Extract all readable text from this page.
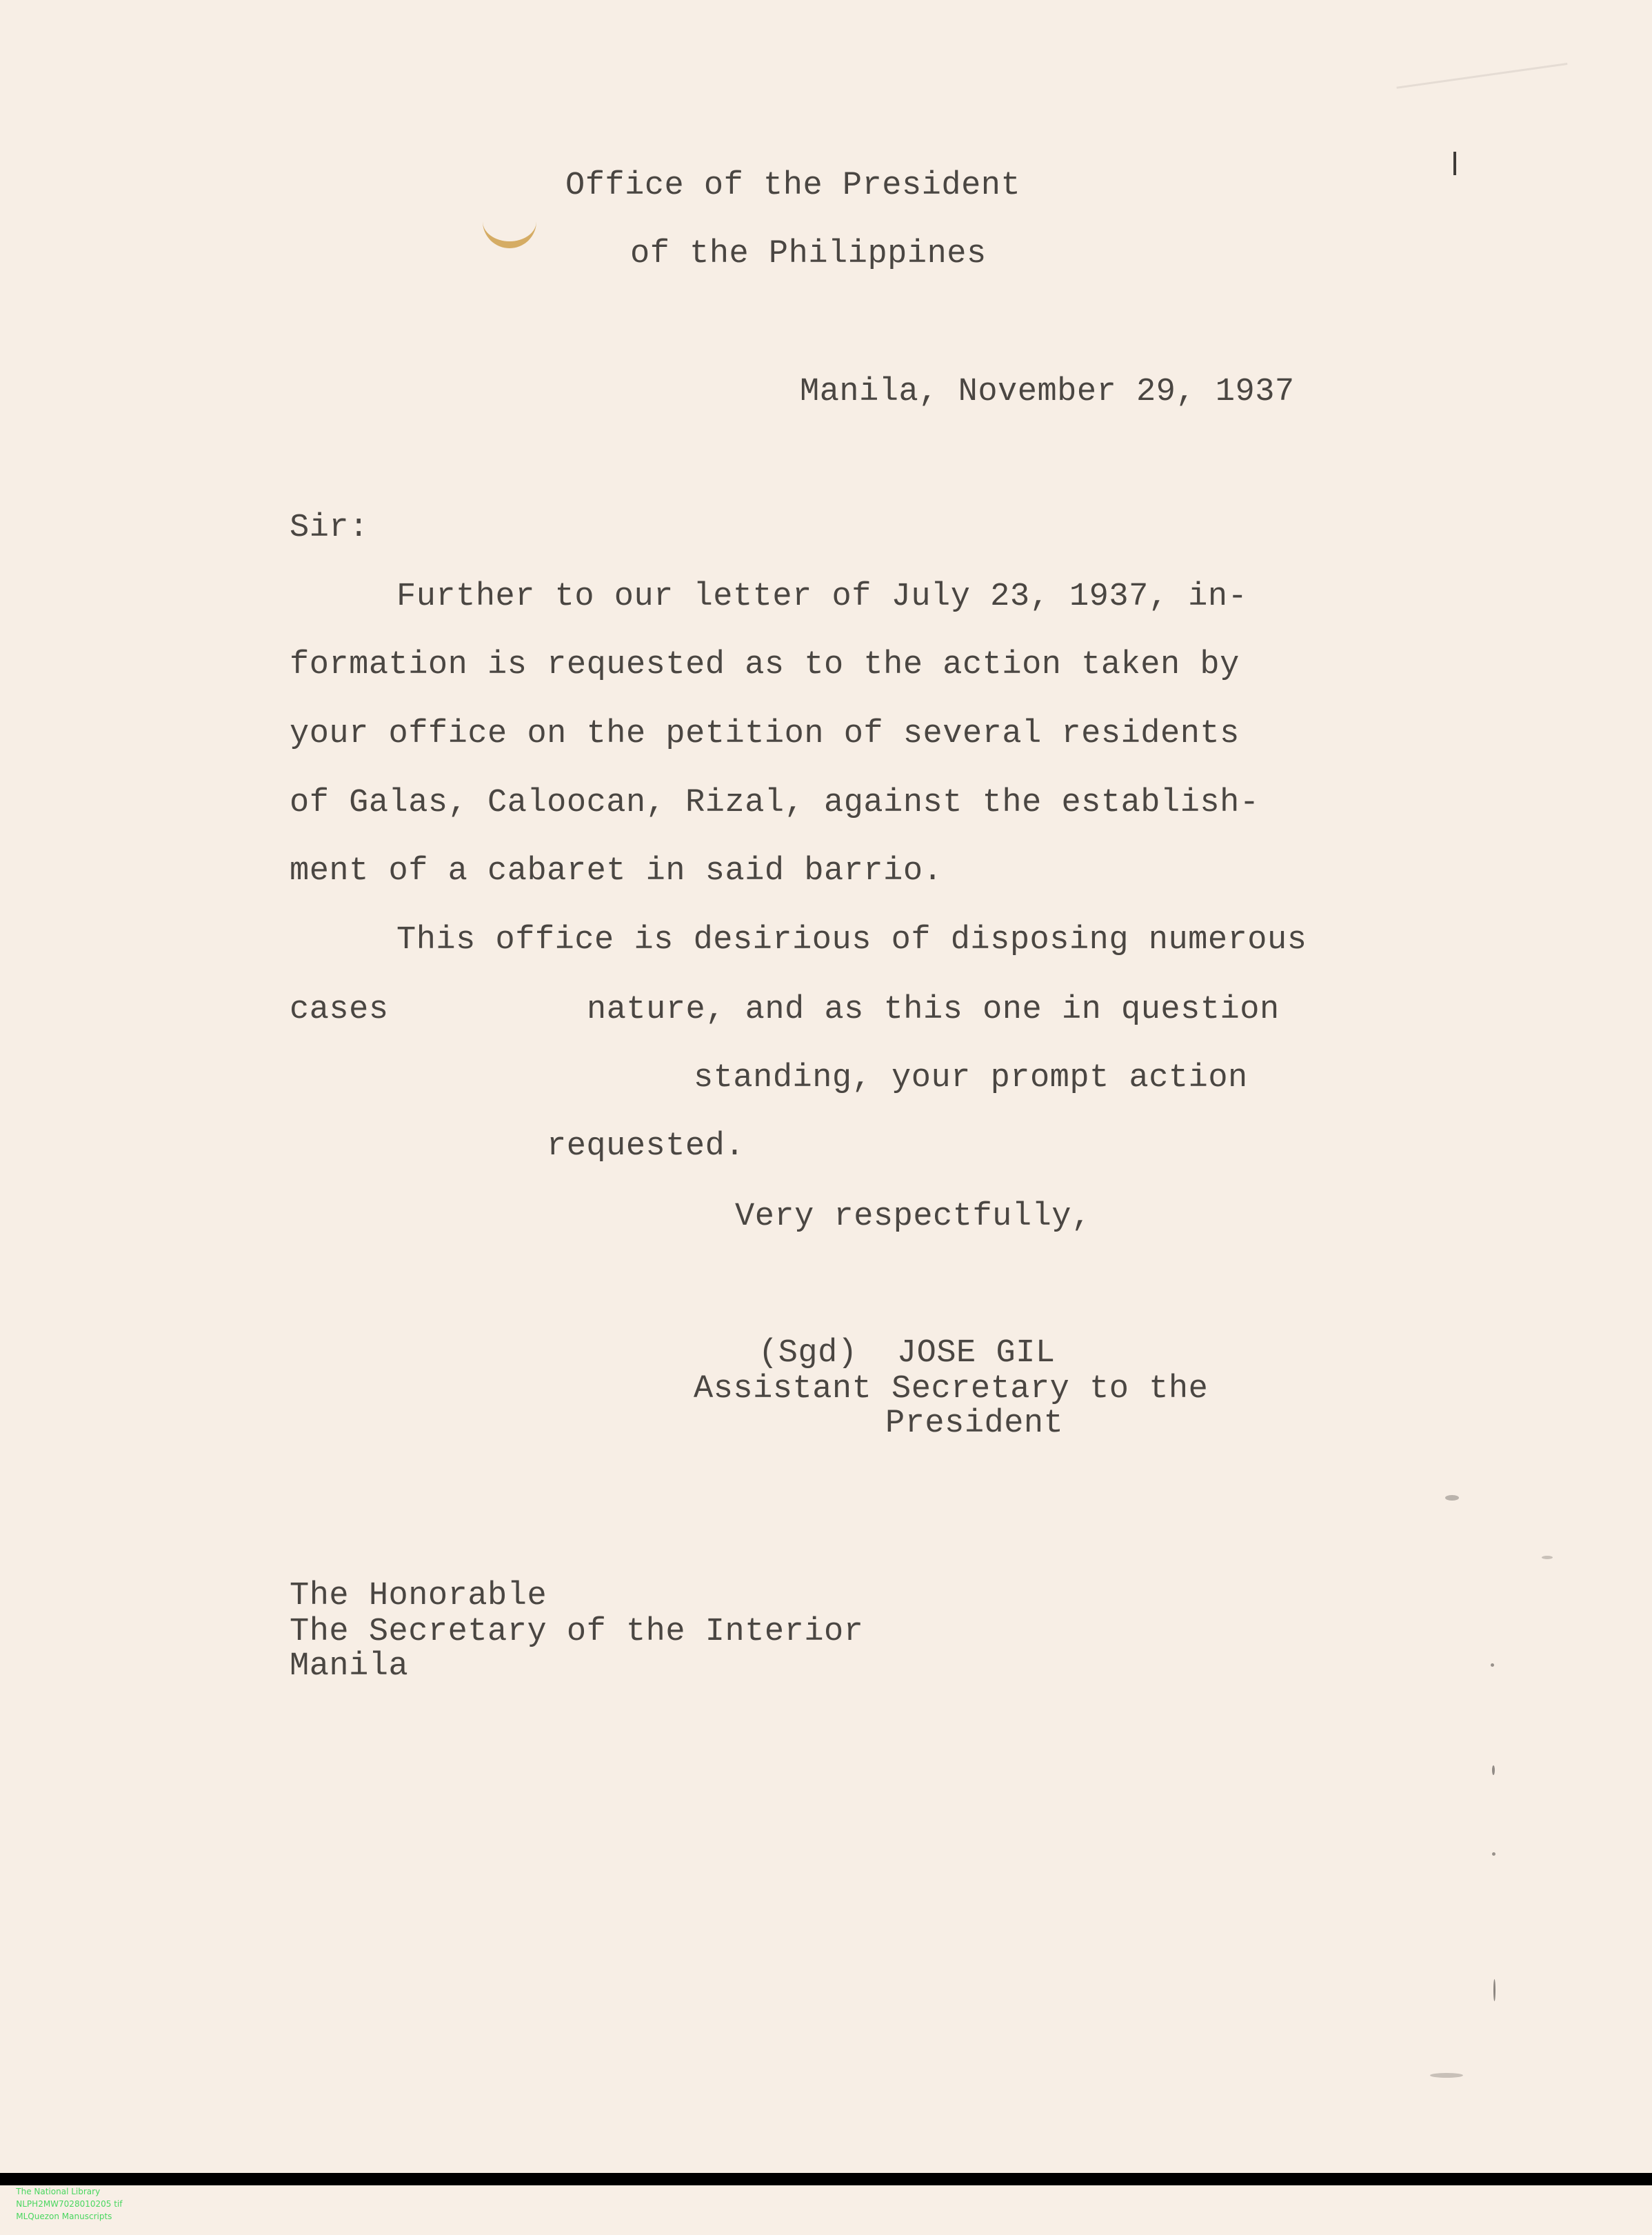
Office of the President
of the Philippines
Manila, November 29, 1937
Sir:
Further to our letter of July 23, 1937, in-
formation is requested as to the action taken by
your office on the petition of several residents
of Galas, Caloocan, Rizal, against the establish-
ment of a cabaret in said barrio.
This office is desirious of disposing numerous
cases	nature, and as this one in question
standing, your prompt action
requested.
Very respectfully,
(Sgd)  JOSE GIL
Assistant Secretary to the
President
The Honorable
The Secretary of the Interior
Manila

The National Library
NLPH2MW7028010205 tif
MLQuezon Manuscripts
